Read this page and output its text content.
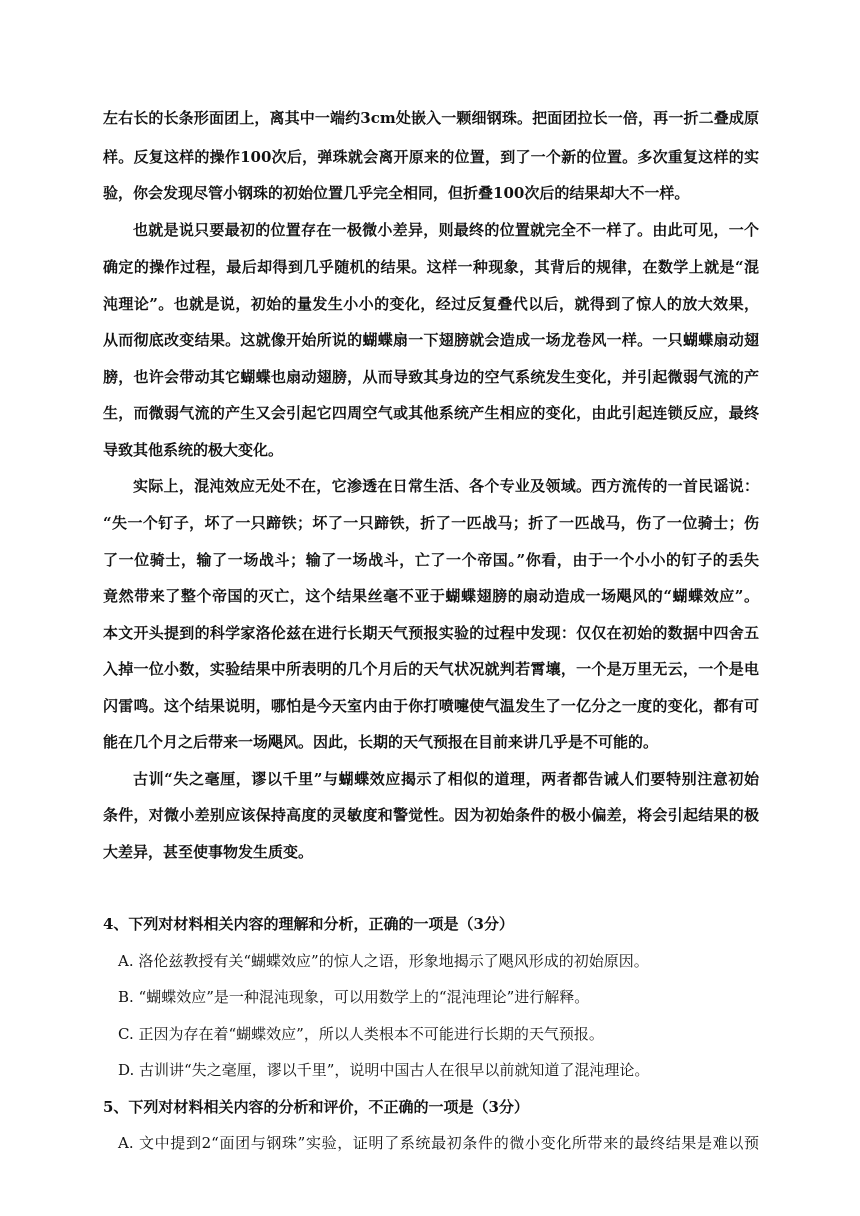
左右长的长条形面团上，离其中一端约3cm处嵌入一颗细钢珠。把面团拉长一倍，再一折二叠成原
样。反复这样的操作100次后，弹珠就会离开原来的位置，到了一个新的位置。多次重复这样的实
验，你会发现尽管小钢珠的初始位置几乎完全相同，但折叠100次后的结果却大不一样。
也就是说只要最初的位置存在一极微小差异，则最终的位置就完全不一样了。由此可见，一个
确定的操作过程，最后却得到几乎随机的结果。这样一种现象，其背后的规律，在数学上就是“混
沌理论”。也就是说，初始的量发生小小的变化，经过反复叠代以后，就得到了惊人的放大效果，
从而彻底改变结果。这就像开始所说的蝴蝶扇一下翅膀就会造成一场龙卷风一样。一只蝴蝶扇动翅
膀，也许会带动其它蝴蝶也扇动翅膀，从而导致其身边的空气系统发生变化，并引起微弱气流的产
生，而微弱气流的产生又会引起它四周空气或其他系统产生相应的变化，由此引起连锁反应，最终
导致其他系统的极大变化。
实际上，混沌效应无处不在，它渗透在日常生活、各个专业及领域。西方流传的一首民谣说：
“失一个钉子，坏了一只蹄铁；坏了一只蹄铁，折了一匹战马；折了一匹战马，伤了一位骑士；伤
了一位骑士，输了一场战斗；输了一场战斗，亡了一个帝国。”你看，由于一个小小的钉子的丢失
竟然带来了整个帝国的灭亡，这个结果丝毫不亚于蝴蝶翅膀的扇动造成一场飓风的“蝴蝶效应”。
本文开头提到的科学家洛伦兹在进行长期天气预报实验的过程中发现：仅仅在初始的数据中四舍五
入掉一位小数，实验结果中所表明的几个月后的天气状况就判若霄壤，一个是万里无云，一个是电
闪雷鸣。这个结果说明，哪怕是今天室内由于你打喷嚏使气温发生了一亿分之一度的变化，都有可
能在几个月之后带来一场飓风。因此，长期的天气预报在目前来讲几乎是不可能的。
古训“失之毫厘，谬以千里”与蝴蝶效应揭示了相似的道理，两者都告诫人们要特别注意初始
条件，对微小差别应该保持高度的灵敏度和警觉性。因为初始条件的极小偏差，将会引起结果的极
大差异，甚至使事物发生质变。
4、下列对材料相关内容的理解和分析，正确的一项是（3分）
A. 洛伦兹教授有关“蝴蝶效应”的惊人之语，形象地揭示了飓风形成的初始原因。
B. “蝴蝶效应”是一种混沌现象，可以用数学上的“混沌理论”进行解释。
C. 正因为存在着“蝴蝶效应”，所以人类根本不可能进行长期的天气预报。
D. 古训讲“失之毫厘，谬以千里”，说明中国古人在很早以前就知道了混沌理论。
5、下列对材料相关内容的分析和评价，不正确的一项是（3分）
A. 文中提到2“面团与钢珠”实验，证明了系统最初条件的微小变化所带来的最终结果是难以预
